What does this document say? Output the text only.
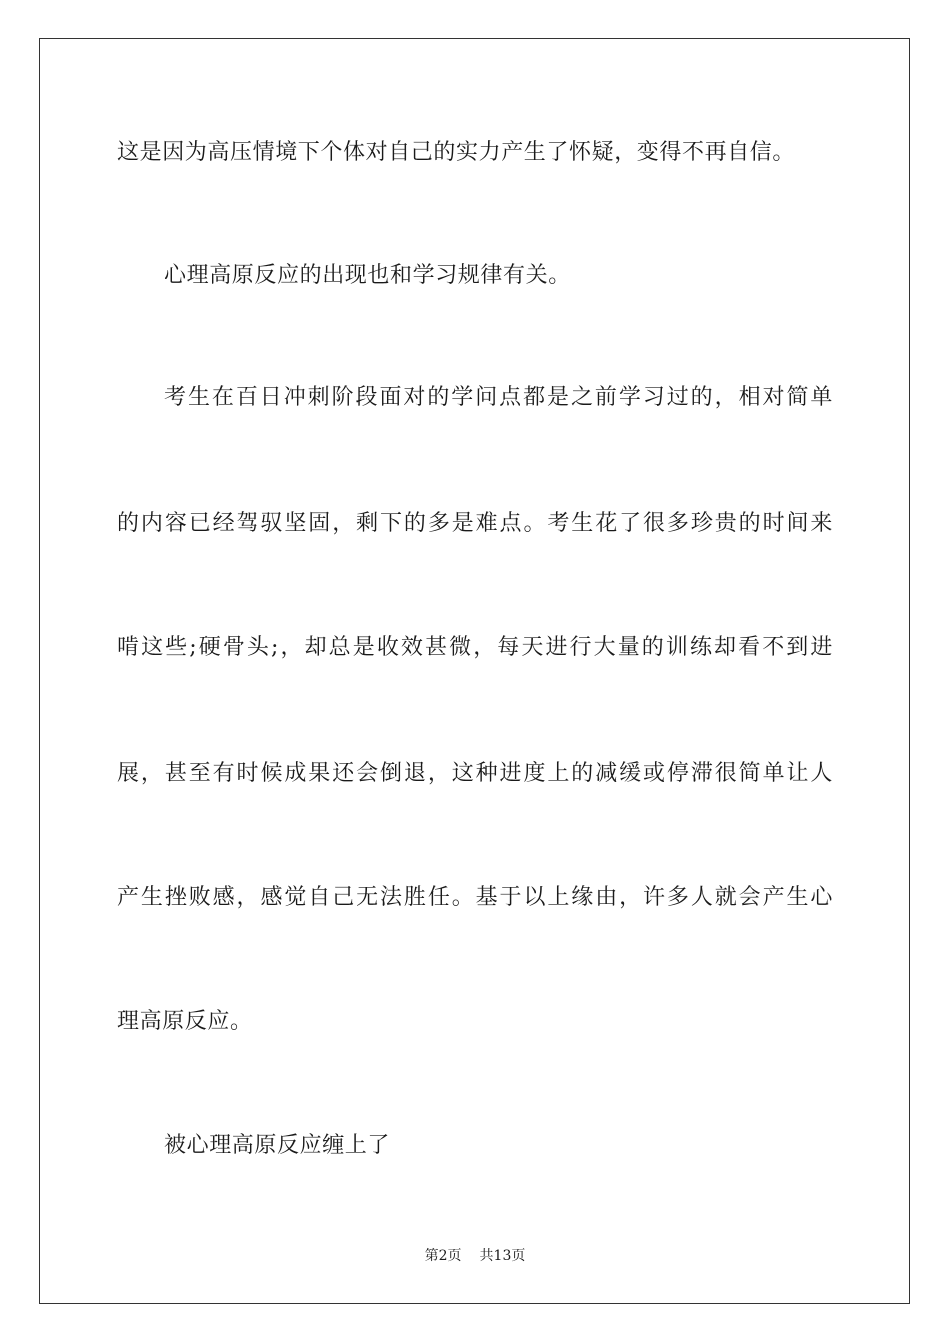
这是因为高压情境下个体对自己的实力产生了怀疑，变得不再自信。
心理高原反应的出现也和学习规律有关。
考生在百日冲刺阶段面对的学问点都是之前学习过的，相对简单
的内容已经驾驭坚固，剩下的多是难点。考生花了很多珍贵的时间来
啃这些;硬骨头;，却总是收效甚微，每天进行大量的训练却看不到进
展，甚至有时候成果还会倒退，这种进度上的减缓或停滞很简单让人
产生挫败感，感觉自己无法胜任。基于以上缘由，许多人就会产生心
理高原反应。
被心理高原反应缠上了
第2页 共13页
